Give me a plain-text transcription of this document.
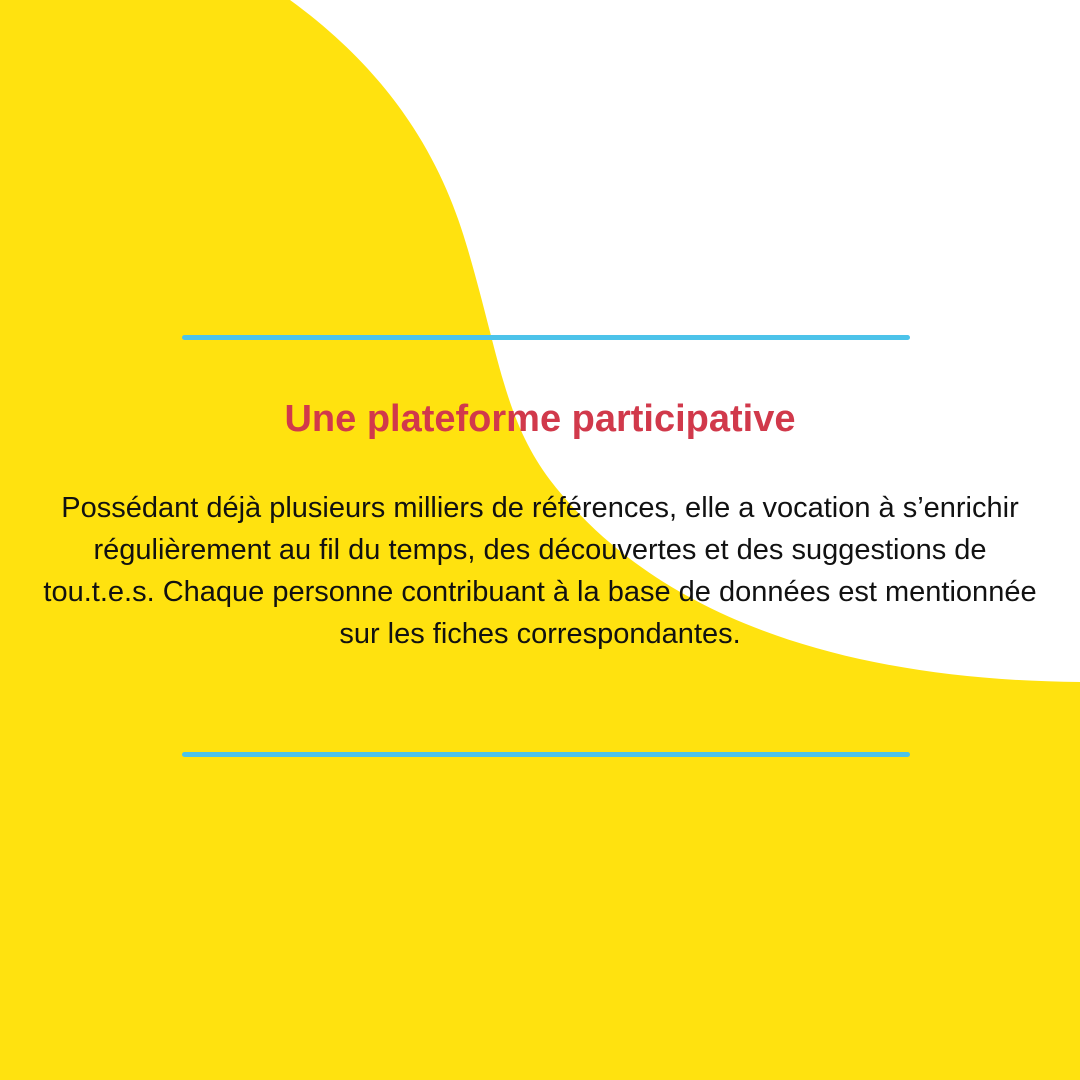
Une plateforme participative

Possédant déjà plusieurs milliers de références, elle a vocation à s’enrichir régulièrement au fil du temps, des découvertes et des suggestions de tou.t.e.s. Chaque personne contribuant à la base de données est mentionnée sur les fiches correspondantes.
